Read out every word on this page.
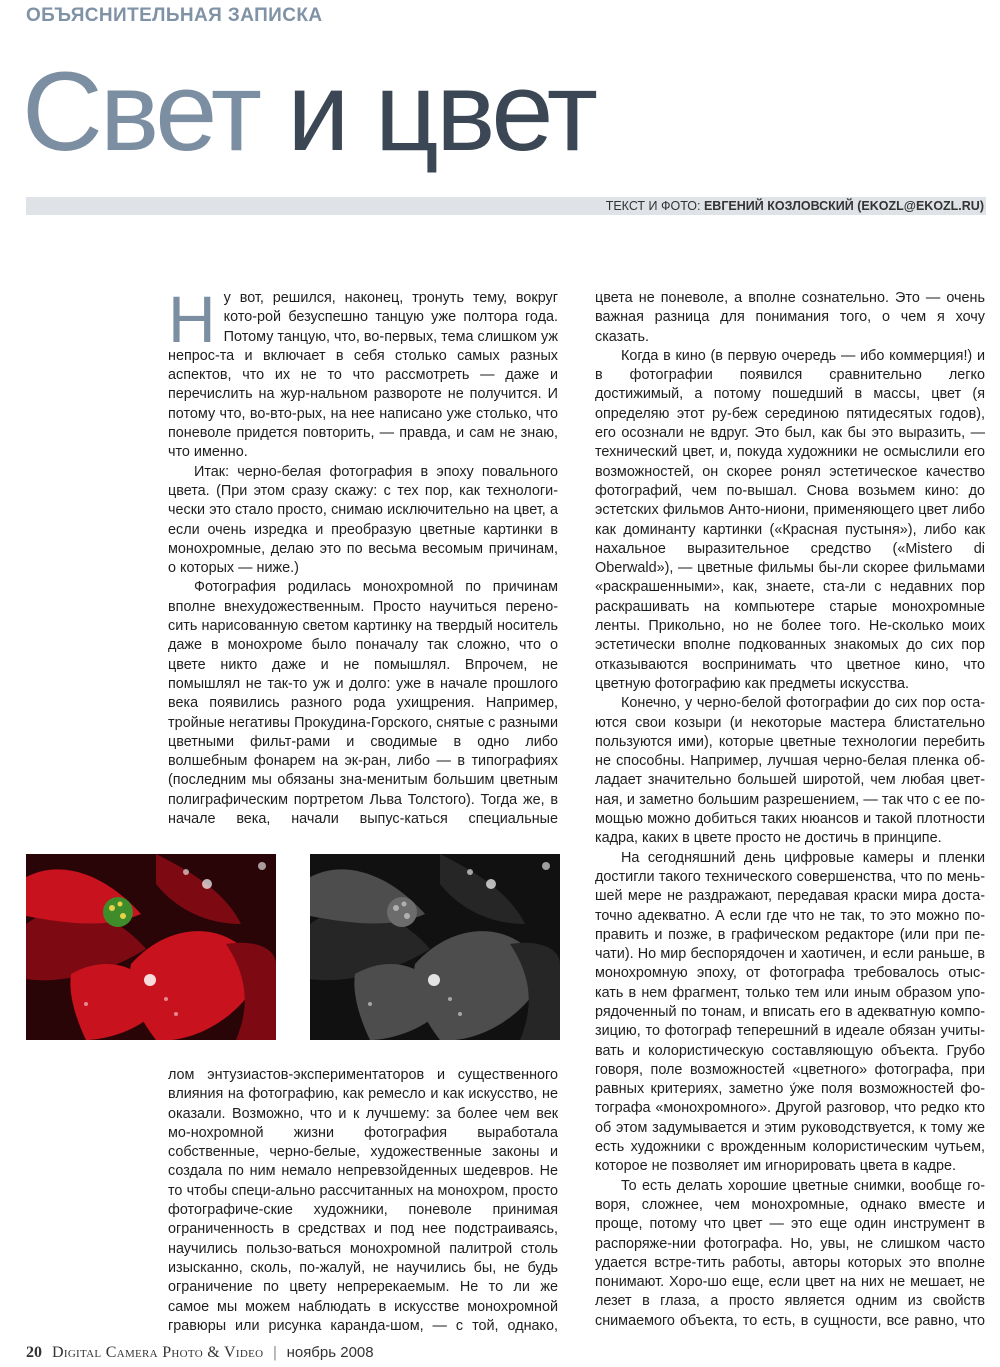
ОБЪЯСНИТЕЛЬНАЯ ЗАПИСКА
Свет и цвет
ТЕКСТ И ФОТО: ЕВГЕНИЙ КОЗЛОВСКИЙ (EKOZL@EKOZL.RU)
Н у вот, решился, наконец, тронуть тему, вокруг кото-рой безуспешно танцую уже полтора года. Потому танцую, что, во-первых, тема слишком уж непрос-та и включает в себя столько самых разных аспектов, что их не то что рассмотреть — даже и перечислить на жур-нальном развороте не получится. И потому что, во-вто-рых, на нее написано уже столько, что поневоле придется повторить, — правда, и сам не знаю, что именно.

Итак: черно-белая фотография в эпоху повального цвета. (При этом сразу скажу: с тех пор, как технологи-чески это стало просто, снимаю исключительно на цвет, а если очень изредка и преобразую цветные картинки в монохромные, делаю это по весьма весомым причинам, о которых — ниже.)

Фотография родилась монохромной по причинам вполне внехудожественным. Просто научиться перено-сить нарисованную светом картинку на твердый носитель даже в монохроме было поначалу так сложно, что о цвете никто даже и не помышлял. Впрочем, не помышлял не так-то уж и долго: уже в начале прошлого века появились разного рода ухищрения. Например, тройные негативы Прокудина-Горского, снятые с разными цветными фильт-рами и сводимые в одно либо волшебным фонарем на эк-ран, либо — в типографиях (последним мы обязаны зна-менитым большим цветным полиграфическим портретом Льва Толстого). Тогда же, в начале века, начали выпус-каться специальные

лом энтузиастов-экспериментаторов и существенного влияния на фотографию, как ремесло и как искусство, не оказали. Возможно, что и к лучшему: за более чем век мо-нохромной жизни фотография выработала собственные, черно-белые, художественные законы и создала по ним немало непревзойденных шедевров. Не то чтобы специ-ально рассчитанных на монохром, просто фотографиче-ские художники, поневоле принимая ограниченность в средствах и под нее подстраиваясь, научились пользо-ваться монохромной палитрой столь изысканно, сколь, по-жалуй, не научились бы, не будь ограничение по цвету непререкаемым. Не то ли же самое мы можем наблюдать в искусстве монохромной гравюры или рисунка каранда-шом, — с той, однако,

цвета не поневоле, а вполне сознательно. Это — очень важная разница для понимания того, о чем я хочу сказать.

Когда в кино (в первую очередь — ибо коммерция!) и в фотографии появился сравнительно легко достижимый, а потому пошедший в массы, цвет (я определяю этот ру-беж серединою пятидесятых годов), его осознали не вдруг. Это был, как бы это выразить, — технический цвет, и, покуда художники не осмыслили его возможностей, он скорее ронял эстетическое качество фотографий, чем по-вышал. Снова возьмем кино: до эстетских фильмов Анто-ниони, применяющего цвет либо как доминанту картинки («Красная пустыня»), либо как нахальное выразительное средство («Mistero di Oberwald»), — цветные фильмы бы-ли скорее фильмами «раскрашенными», как, знаете, ста-ли с недавних пор раскрашивать на компьютере старые монохромные ленты. Прикольно, но не более того. Не-сколько моих эстетически вполне подкованных знакомых до сих пор отказываются воспринимать что цветное кино, что цветную фотографию как предметы искусства.

Конечно, у черно-белой фотографии до сих пор оста-ются свои козыри (и некоторые мастера блистательно пользуются ими), которые цветные технологии перебить не способны. Например, лучшая черно-белая пленка об-ладает значительно большей широтой, чем любая цвет-ная, и заметно большим разрешением, — так что с ее по-мощью можно добиться таких нюансов и такой плотности кадра, каких в цвете просто не достичь в принципе.

На сегодняшний день цифровые камеры и пленки достигли такого технического совершенства, что по мень-шей мере не раздражают, передавая краски мира доста-точно адекватно. А если где что не так, то это можно по-править и позже, в графическом редакторе (или при пе-чати). Но мир беспорядочен и хаотичен, и если раньше, в монохромную эпоху, от фотографа требовалось отыс-кать в нем фрагмент, только тем или иным образом упо-рядоченный по тонам, и вписать его в адекватную компо-зицию, то фотограф теперешний в идеале обязан учиты-вать и колористическую составляющую объекта. Грубо говоря, поле возможностей «цветного» фотографа, при равных критериях, заметно у́же поля возможностей фо-тографа «монохромного». Другой разговор, что редко кто об этом задумывается и этим руководствуется, к тому же есть художники с врожденным колористическим чутьем, которое не позволяет им игнорировать цвета в кадре.

То есть делать хорошие цветные снимки, вообще го-воря, сложнее, чем монохромные, однако вместе и проще, потому что цвет — это еще один инструмент в распоряже-нии фотографа. Но, увы, не слишком часто удается встре-тить работы, авторы которых это вполне понимают. Хоро-шо еще, если цвет на них не мешает, не лезет в глаза, а просто является одним из свойств снимаемого объекта, то есть, в сущности, все равно, что

20 Digital Camera Photo & Video | ноябрь 2008
